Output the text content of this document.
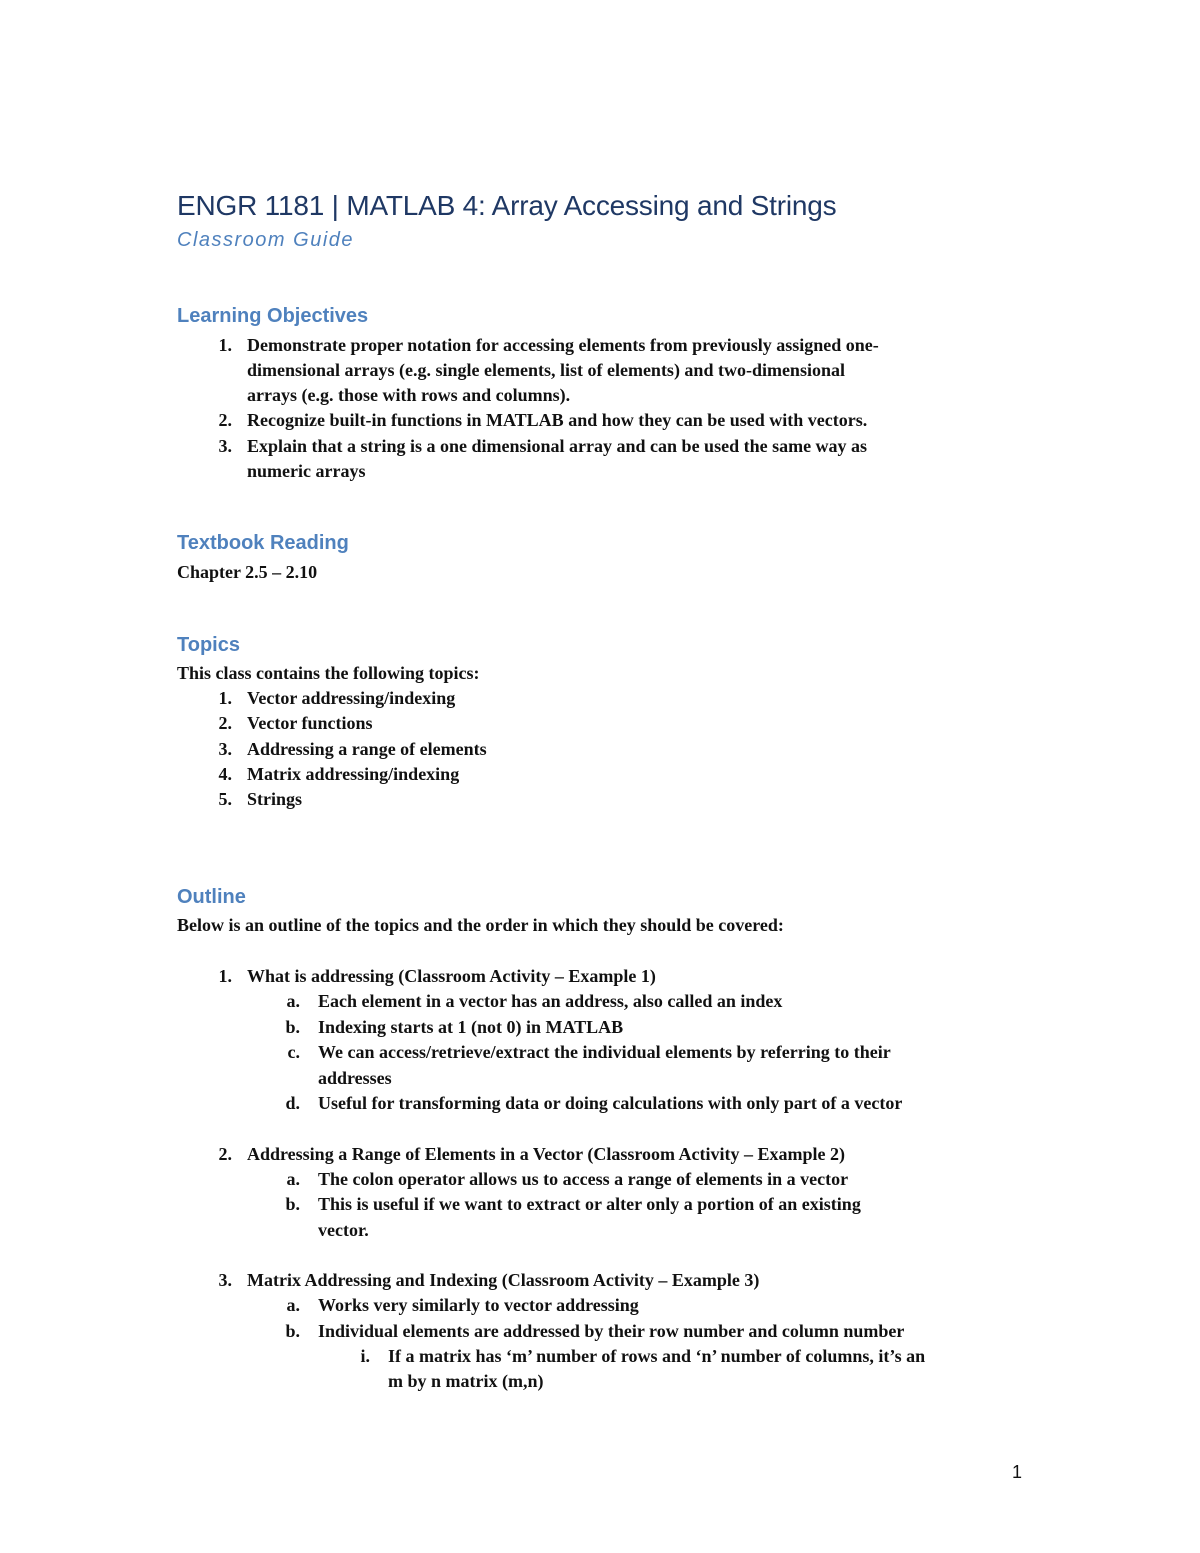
ENGR 1181 | MATLAB 4: Array Accessing and Strings
Classroom Guide
Learning Objectives
1. Demonstrate proper notation for accessing elements from previously assigned one-
dimensional arrays (e.g. single elements, list of elements) and two-dimensional
arrays (e.g. those with rows and columns).
2. Recognize built-in functions in MATLAB and how they can be used with vectors.
3. Explain that a string is a one dimensional array and can be used the same way as
numeric arrays
Textbook Reading
Chapter 2.5 – 2.10
Topics
This class contains the following topics:
1. Vector addressing/indexing
2. Vector functions
3. Addressing a range of elements
4. Matrix addressing/indexing
5. Strings
Outline
Below is an outline of the topics and the order in which they should be covered:
1. What is addressing (Classroom Activity – Example 1)
a. Each element in a vector has an address, also called an index
b. Indexing starts at 1 (not 0) in MATLAB
c. We can access/retrieve/extract the individual elements by referring to their
addresses
d. Useful for transforming data or doing calculations with only part of a vector
2. Addressing a Range of Elements in a Vector (Classroom Activity – Example 2)
a. The colon operator allows us to access a range of elements in a vector
b. This is useful if we want to extract or alter only a portion of an existing
vector.
3. Matrix Addressing and Indexing (Classroom Activity – Example 3)
a. Works very similarly to vector addressing
b. Individual elements are addressed by their row number and column number
i. If a matrix has ‘m’ number of rows and ‘n’ number of columns, it’s an
m by n matrix (m,n)
1
